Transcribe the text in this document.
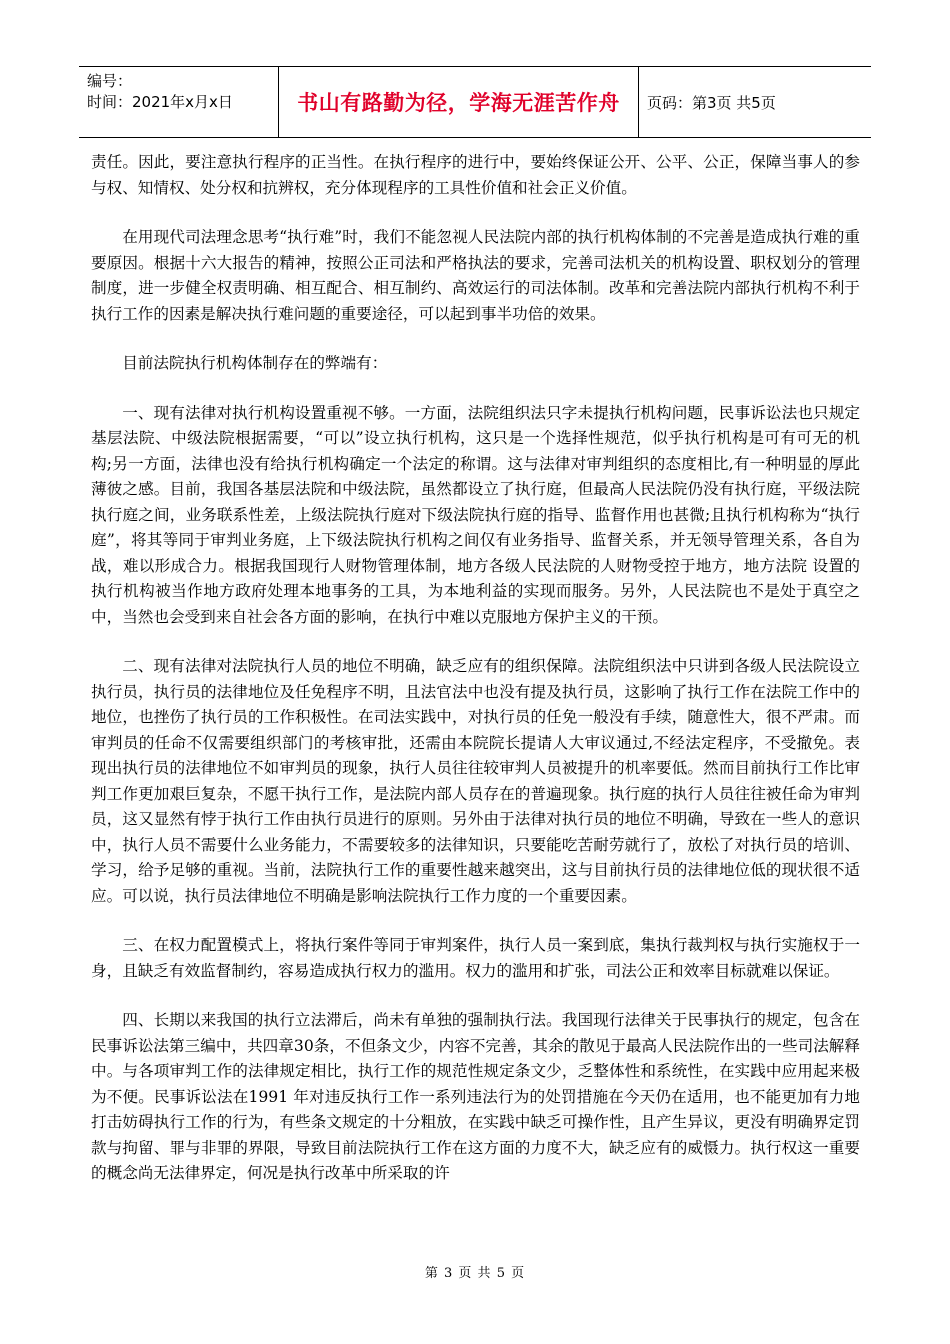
编号：
时间：2021年x月x日	书山有路勤为径，学海无涯苦作舟	页码：第3页 共5页

责任。因此，要注意执行程序的正当性。在执行程序的进行中，要始终保证公开、公平、公正，保障当事人的参与权、知情权、处分权和抗辨权，充分体现程序的工具性价值和社会正义价值。

在用现代司法理念思考“执行难”时，我们不能忽视人民法院内部的执行机构体制的不完善是造成执行难的重要原因。根据十六大报告的精神，按照公正司法和严格执法的要求，完善司法机关的机构设置、职权划分的管理制度，进一步健全权责明确、相互配合、相互制约、高效运行的司法体制。改革和完善法院内部执行机构不利于执行工作的因素是解决执行难问题的重要途径，可以起到事半功倍的效果。

目前法院执行机构体制存在的弊端有：

一、现有法律对执行机构设置重视不够。一方面，法院组织法只字未提执行机构问题，民事诉讼法也只规定基层法院、中级法院根据需要，“可以”设立执行机构，这只是一个选择性规范，似乎执行机构是可有可无的机构;另一方面，法律也没有给执行机构确定一个法定的称谓。这与法律对审判组织的态度相比,有一种明显的厚此薄彼之感。目前，我国各基层法院和中级法院，虽然都设立了执行庭，但最高人民法院仍没有执行庭，平级法院执行庭之间，业务联系性差，上级法院执行庭对下级法院执行庭的指导、监督作用也甚微;且执行机构称为“执行庭”，将其等同于审判业务庭，上下级法院执行机构之间仅有业务指导、监督关系，并无领导管理关系，各自为战，难以形成合力。根据我国现行人财物管理体制，地方各级人民法院的人财物受控于地方，地方法院 设置的执行机构被当作地方政府处理本地事务的工具，为本地利益的实现而服务。另外，人民法院也不是处于真空之中，当然也会受到来自社会各方面的影响，在执行中难以克服地方保护主义的干预。

二、现有法律对法院执行人员的地位不明确，缺乏应有的组织保障。法院组织法中只讲到各级人民法院设立执行员，执行员的法律地位及任免程序不明，且法官法中也没有提及执行员，这影响了执行工作在法院工作中的地位，也挫伤了执行员的工作积极性。在司法实践中，对执行员的任免一般没有手续，随意性大，很不严肃。而审判员的任命不仅需要组织部门的考核审批，还需由本院院长提请人大审议通过,不经法定程序，不受撤免。表现出执行员的法律地位不如审判员的现象，执行人员往往较审判人员被提升的机率要低。然而目前执行工作比审判工作更加艰巨复杂，不愿干执行工作，是法院内部人员存在的普遍现象。执行庭的执行人员往往被任命为审判员，这又显然有悖于执行工作由执行员进行的原则。另外由于法律对执行员的地位不明确，导致在一些人的意识中，执行人员不需要什么业务能力，不需要较多的法律知识，只要能吃苦耐劳就行了，放松了对执行员的培训、学习，给予足够的重视。当前，法院执行工作的重要性越来越突出，这与目前执行员的法律地位低的现状很不适应。可以说，执行员法律地位不明确是影响法院执行工作力度的一个重要因素。

三、在权力配置模式上，将执行案件等同于审判案件，执行人员一案到底，集执行裁判权与执行实施权于一身，且缺乏有效监督制约，容易造成执行权力的滥用。权力的滥用和扩张，司法公正和效率目标就难以保证。

四、长期以来我国的执行立法滞后，尚未有单独的强制执行法。我国现行法律关于民事执行的规定，包含在民事诉讼法第三编中，共四章30条，不但条文少，内容不完善，其余的散见于最高人民法院作出的一些司法解释中。与各项审判工作的法律规定相比，执行工作的规范性规定条文少，乏整体性和系统性，在实践中应用起来极为不便。民事诉讼法在1991 年对违反执行工作一系列违法行为的处罚措施在今天仍在适用，也不能更加有力地打击妨碍执行工作的行为，有些条文规定的十分粗放，在实践中缺乏可操作性，且产生异议，更没有明确界定罚款与拘留、罪与非罪的界限，导致目前法院执行工作在这方面的力度不大，缺乏应有的威慑力。执行权这一重要的概念尚无法律界定，何况是执行改革中所采取的许

第 3 页 共 5 页
